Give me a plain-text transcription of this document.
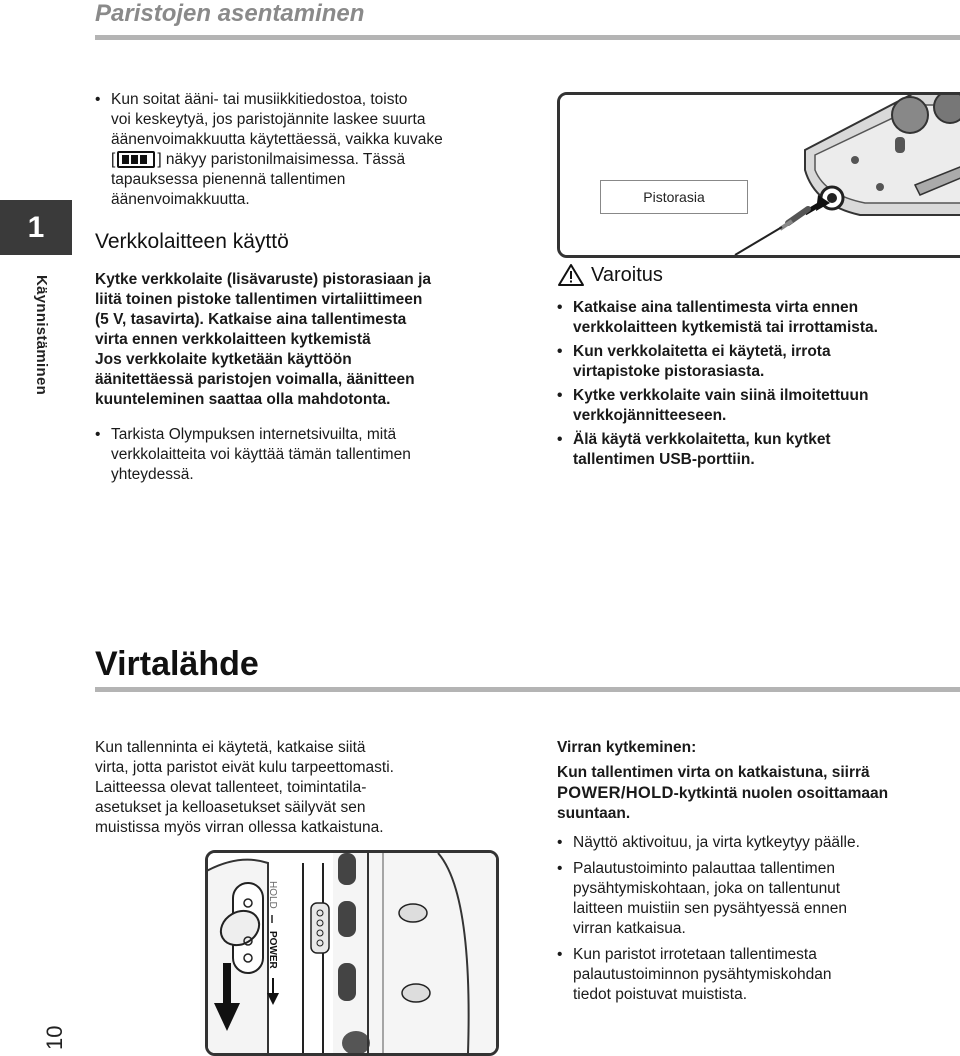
Paristojen asentaminen
1
Käynnistäminen
10
• Kun soitat ääni- tai musiikkitiedostoa, toisto
voi keskeytyä, jos paristojännite laskee suurta
äänenvoimakkuutta käytettäessä, vaikka kuvake
[	] näkyy paristonilmaisimessa. Tässä
tapauksessa pienennä tallentimen
äänenvoimakkuutta.
Verkkolaitteen käyttö
Kytke verkkolaite (lisävaruste) pistorasiaan ja
liitä toinen pistoke tallentimen virtaliittimeen
(5 V, tasavirta). Katkaise aina tallentimesta
virta ennen verkkolaitteen kytkemistä
Jos verkkolaite kytketään käyttöön
äänitettäessä paristojen voimalla, äänitteen
kuunteleminen saattaa olla mahdotonta.
• Tarkista Olympuksen internetsivuilta, mitä
verkkolaitteita voi käyttää tämän tallentimen
yhteydessä.
Pistorasia
Varoitus
• Katkaise aina tallentimesta virta ennen
verkkolaitteen kytkemistä tai irrottamista.
• Kun verkkolaitetta ei käytetä, irrota
virtapistoke pistorasiasta.
• Kytke verkkolaite vain siinä ilmoitettuun
verkkojännitteeseen.
• Älä käytä verkkolaitetta, kun kytket
tallentimen USB-porttiin.
Virtalähde
Kun tallenninta ei käytetä, katkaise siitä
virta, jotta paristot eivät kulu tarpeettomasti.
Laitteessa olevat tallenteet, toimintatila-
asetukset ja kelloasetukset säilyvät sen
muistissa myös virran ollessa katkaistuna.
HOLD
POWER
Virran kytkeminen:
Kun tallentimen virta on katkaistuna, siirrä
POWER/HOLD-kytkintä nuolen osoittamaan
suuntaan.
• Näyttö aktivoituu, ja virta kytkeytyy päälle.
• Palautustoiminto palauttaa tallentimen
pysähtymiskohtaan, joka on tallentunut
laitteen muistiin sen pysähtyessä ennen
virran katkaisua.
• Kun paristot irrotetaan tallentimesta
palautustoiminnon pysähtymiskohdan
tiedot poistuvat muistista.
